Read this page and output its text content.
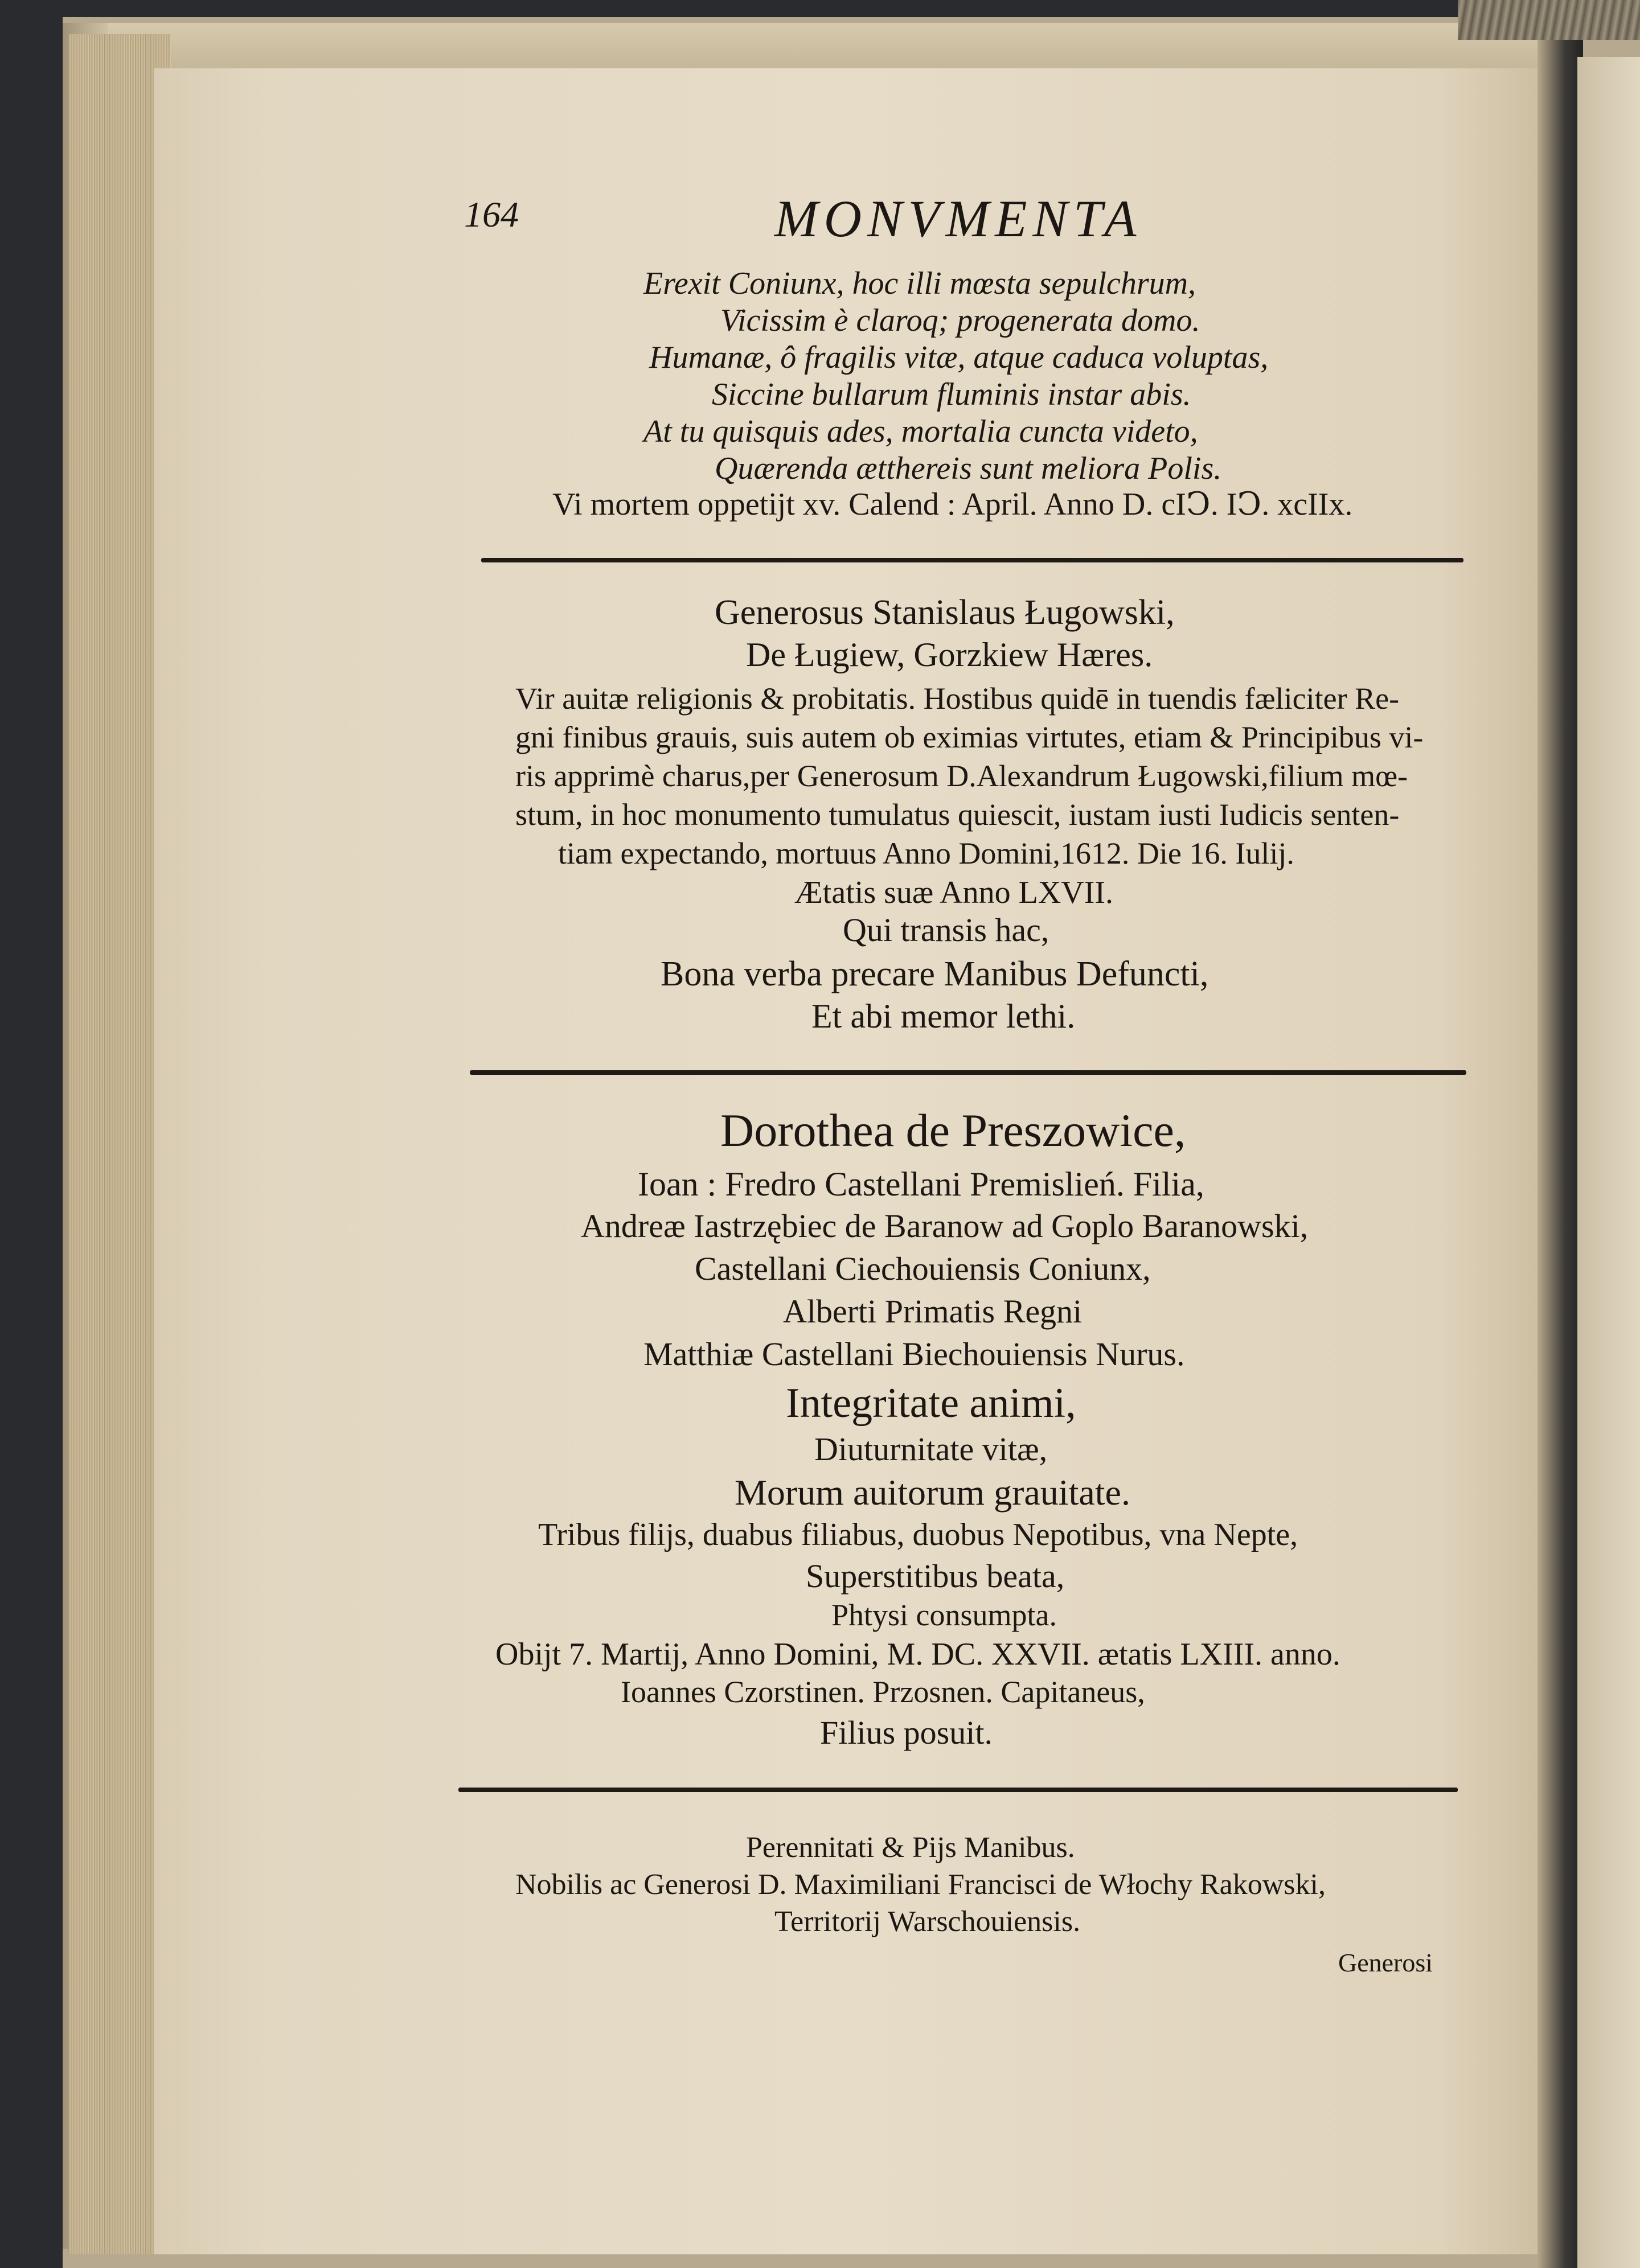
164	MONVMENTA
Erexit Coniunx, hoc illi mœsta sepulchrum,
Vicissim è claroq; progenerata domo.
Humanæ, ô fragilis vitæ, atque caduca voluptas,
Siccine bullarum fluminis instar abis.
At tu quisquis ades, mortalia cuncta videto,
Quærenda ætthereis sunt meliora Polis.
Vi mortem oppetijt xv. Calend : April. Anno D. cIↃ. IↃ. xcIIx.
Generosus Stanislaus Ługowski,
De Ługiew, Gorzkiew Hæres.
Vir auitæ religionis & probitatis. Hostibus quidē in tuendis fæliciter Re-
gni finibus grauis, suis autem ob eximias virtutes, etiam & Principibus vi-
ris apprimè charus,per Generosum D.Alexandrum Ługowski,filium mœ-
stum, in hoc monumento tumulatus quiescit, iustam iusti Iudicis senten-
tiam expectando, mortuus Anno Domini,1612. Die 16. Iulij.
Ætatis suæ Anno LXVII.
Qui transis hac,
Bona verba precare Manibus Defuncti,
Et abi memor lethi.
Dorothea de Preszowice,
Ioan : Fredro Castellani Premislień. Filia,
Andreæ Iastrzębiec de Baranow ad Goplo Baranowski,
Castellani Ciechouiensis Coniunx,
Alberti Primatis Regni
Matthiæ Castellani Biechouiensis Nurus.
Integritate animi,
Diuturnitate vitæ,
Morum auitorum grauitate.
Tribus filijs, duabus filiabus, duobus Nepotibus, vna Nepte,
Superstitibus beata,
Phtysi consumpta.
Obijt 7. Martij, Anno Domini, M. DC. XXVII. ætatis LXIII. anno.
Ioannes Czorstinen. Przosnen. Capitaneus,
Filius posuit.
Perennitati & Pijs Manibus.
Nobilis ac Generosi D. Maximiliani Francisci de Włochy Rakowski,
Territorij Warschouiensis.
Generosi
